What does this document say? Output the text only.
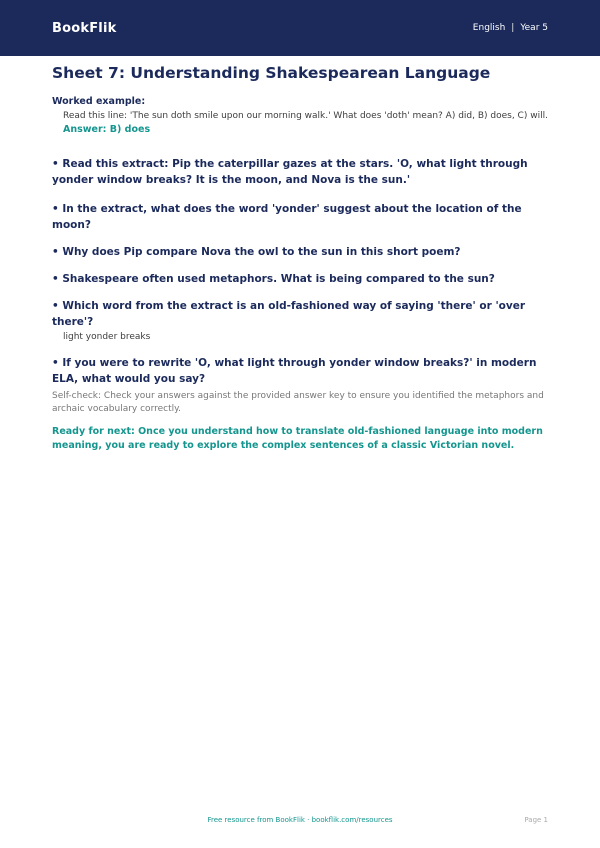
BookFlik	English | Year 5
Sheet 7: Understanding Shakespearean Language
Worked example:
Read this line: 'The sun doth smile upon our morning walk.' What does 'doth' mean? A) did, B) does, C) will.
Answer: B) does
• Read this extract: Pip the caterpillar gazes at the stars. 'O, what light through yonder window breaks? It is the moon, and Nova is the sun.'
• In the extract, what does the word 'yonder' suggest about the location of the moon?
• Why does Pip compare Nova the owl to the sun in this short poem?
• Shakespeare often used metaphors. What is being compared to the sun?
• Which word from the extract is an old-fashioned way of saying 'there' or 'over there'?
light yonder breaks
• If you were to rewrite 'O, what light through yonder window breaks?' in modern ELA, what would you say?
Self-check: Check your answers against the provided answer key to ensure you identified the metaphors and archaic vocabulary correctly.
Ready for next: Once you understand how to translate old-fashioned language into modern meaning, you are ready to explore the complex sentences of a classic Victorian novel.
Free resource from BookFlik · bookflik.com/resources	Page 1
